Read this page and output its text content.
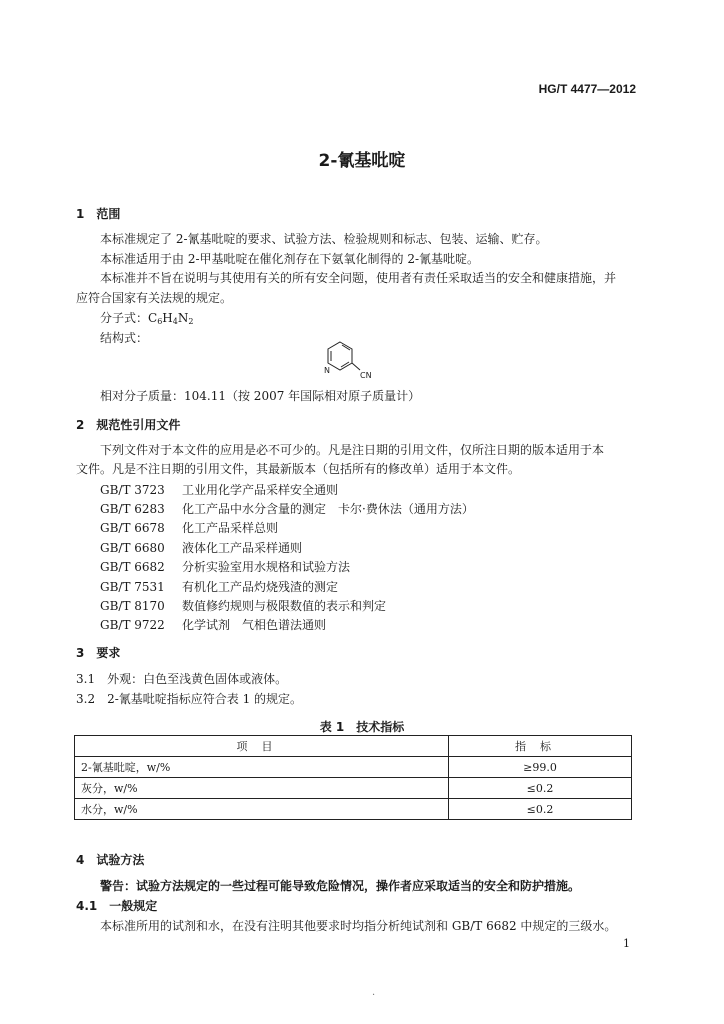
HG/T 4477—2012
2-氰基吡啶
1　范围
本标准规定了 2-氰基吡啶的要求、试验方法、检验规则和标志、包装、运输、贮存。
本标准适用于由 2-甲基吡啶在催化剂存在下氨氧化制得的 2-氰基吡啶。
本标准并不旨在说明与其使用有关的所有安全问题，使用者有责任采取适当的安全和健康措施，并
应符合国家有关法规的规定。
分子式：$C_6H_4N_2$
结构式：
N
CN
相对分子质量：104.11（按 2007 年国际相对原子质量计）
2　规范性引用文件
下列文件对于本文件的应用是必不可少的。凡是注日期的引用文件，仅所注日期的版本适用于本
文件。凡是不注日期的引用文件，其最新版本（包括所有的修改单）适用于本文件。
GB/T 3723 工业用化学产品采样安全通则
GB/T 6283 化工产品中水分含量的测定　卡尔·费休法（通用方法）
GB/T 6678 化工产品采样总则
GB/T 6680 液体化工产品采样通则
GB/T 6682 分析实验室用水规格和试验方法
GB/T 7531 有机化工产品灼烧残渣的测定
GB/T 8170 数值修约规则与极限数值的表示和判定
GB/T 9722 化学试剂　气相色谱法通则
3　要求
3.1　外观：白色至浅黄色固体或液体。
3.2　2-氰基吡啶指标应符合表 1 的规定。
表 1　技术指标
项目	指标
2-氰基吡啶，w/%	≥99.0
灰分，w/%	≤0.2
水分，w/%	≤0.2
4　试验方法
警告：试验方法规定的一些过程可能导致危险情况，操作者应采取适当的安全和防护措施。
4.1　一般规定
本标准所用的试剂和水，在没有注明其他要求时均指分析纯试剂和 GB/T 6682 中规定的三级水。
1
·
